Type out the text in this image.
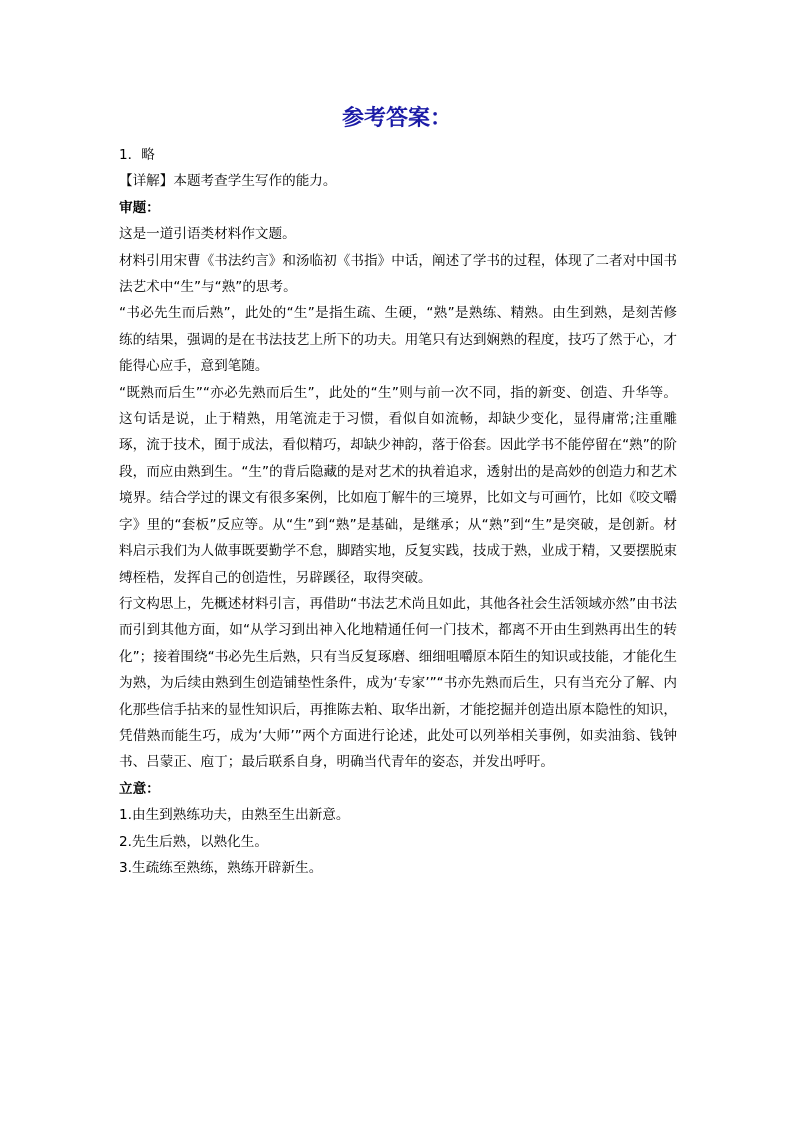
参考答案：

1．略

【详解】本题考查学生写作的能力。

审题：

这是一道引语类材料作文题。

材料引用宋曹《书法约言》和汤临初《书指》中话，阐述了学书的过程，体现了二者对中国书法艺术中“生”与“熟”的思考。

“书必先生而后熟”，此处的“生”是指生疏、生硬，“熟”是熟练、精熟。由生到熟，是刻苦修练的结果，强调的是在书法技艺上所下的功夫。用笔只有达到娴熟的程度，技巧了然于心，才能得心应手，意到笔随。

“既熟而后生”“亦必先熟而后生”，此处的“生”则与前一次不同，指的新变、创造、升华等。这句话是说，止于精熟，用笔流走于习惯，看似自如流畅，却缺少变化，显得庸常;注重雕琢，流于技术，囿于成法，看似精巧，却缺少神韵，落于俗套。因此学书不能停留在“熟”的阶段，而应由熟到生。“生”的背后隐藏的是对艺术的执着追求，透射出的是高妙的创造力和艺术境界。结合学过的课文有很多案例，比如庖丁解牛的三境界，比如文与可画竹，比如《咬文嚼字》里的“套板”反应等。从“生”到“熟”是基础，是继承；从“熟”到“生”是突破，是创新。材料启示我们为人做事既要勤学不怠，脚踏实地，反复实践，技成于熟，业成于精，又要摆脱束缚桎梏，发挥自己的创造性，另辟蹊径，取得突破。

行文构思上，先概述材料引言，再借助“书法艺术尚且如此，其他各社会生活领域亦然”由书法而引到其他方面，如“从学习到出神入化地精通任何一门技术，都离不开由生到熟再出生的转化”；接着围绕“书必先生后熟，只有当反复琢磨、细细咀嚼原本陌生的知识或技能，才能化生为熟，为后续由熟到生创造铺垫性条件，成为‘专家’”“书亦先熟而后生，只有当充分了解、内化那些信手拈来的显性知识后，再推陈去粕、取华出新，才能挖掘并创造出原本隐性的知识，凭借熟而能生巧，成为‘大师’”两个方面进行论述，此处可以列举相关事例，如卖油翁、钱钟书、吕蒙正、庖丁；最后联系自身，明确当代青年的姿态，并发出呼吁。

立意：

1.由生到熟练功夫，由熟至生出新意。

2.先生后熟，以熟化生。

3.生疏练至熟练，熟练开辟新生。
